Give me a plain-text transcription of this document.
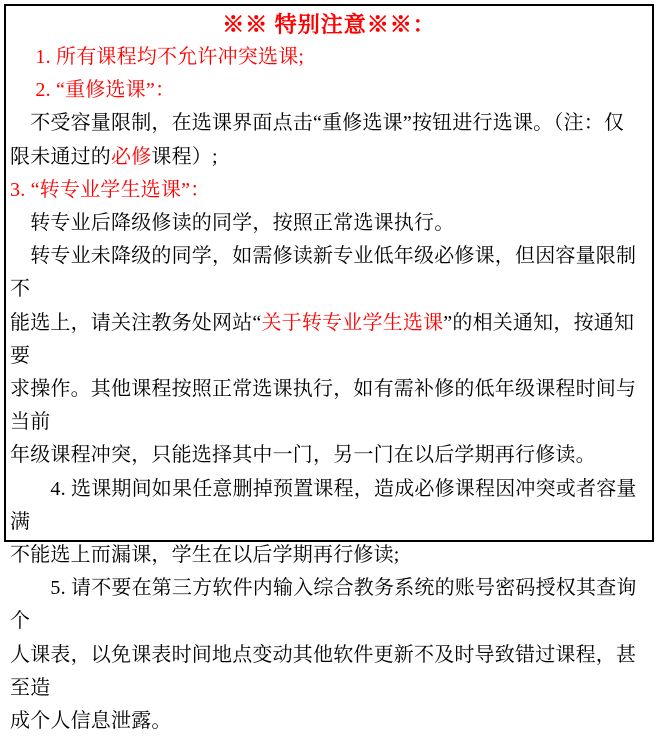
※※ 特别注意※※：

　 1. 所有课程均不允许冲突选课;

　 2. “重修选课”：

　不受容量限制，在选课界面点击“重修选课”按钮进行选课。（注：仅

限未通过的必修课程）;

3. “转专业学生选课”：

　转专业后降级修读的同学，按照正常选课执行。

　转专业未降级的同学，如需修读新专业低年级必修课，但因容量限制不

能选上，请关注教务处网站“关于转专业学生选课”的相关通知，按通知要

求操作。其他课程按照正常选课执行，如有需补修的低年级课程时间与当前

年级课程冲突，只能选择其中一门，另一门在以后学期再行修读。

　　4. 选课期间如果任意删掉预置课程，造成必修课程因冲突或者容量满

不能选上而漏课，学生在以后学期再行修读;

　　5. 请不要在第三方软件内输入综合教务系统的账号密码授权其查询个

人课表，以免课表时间地点变动其他软件更新不及时导致错过课程，甚至造

成个人信息泄露。
